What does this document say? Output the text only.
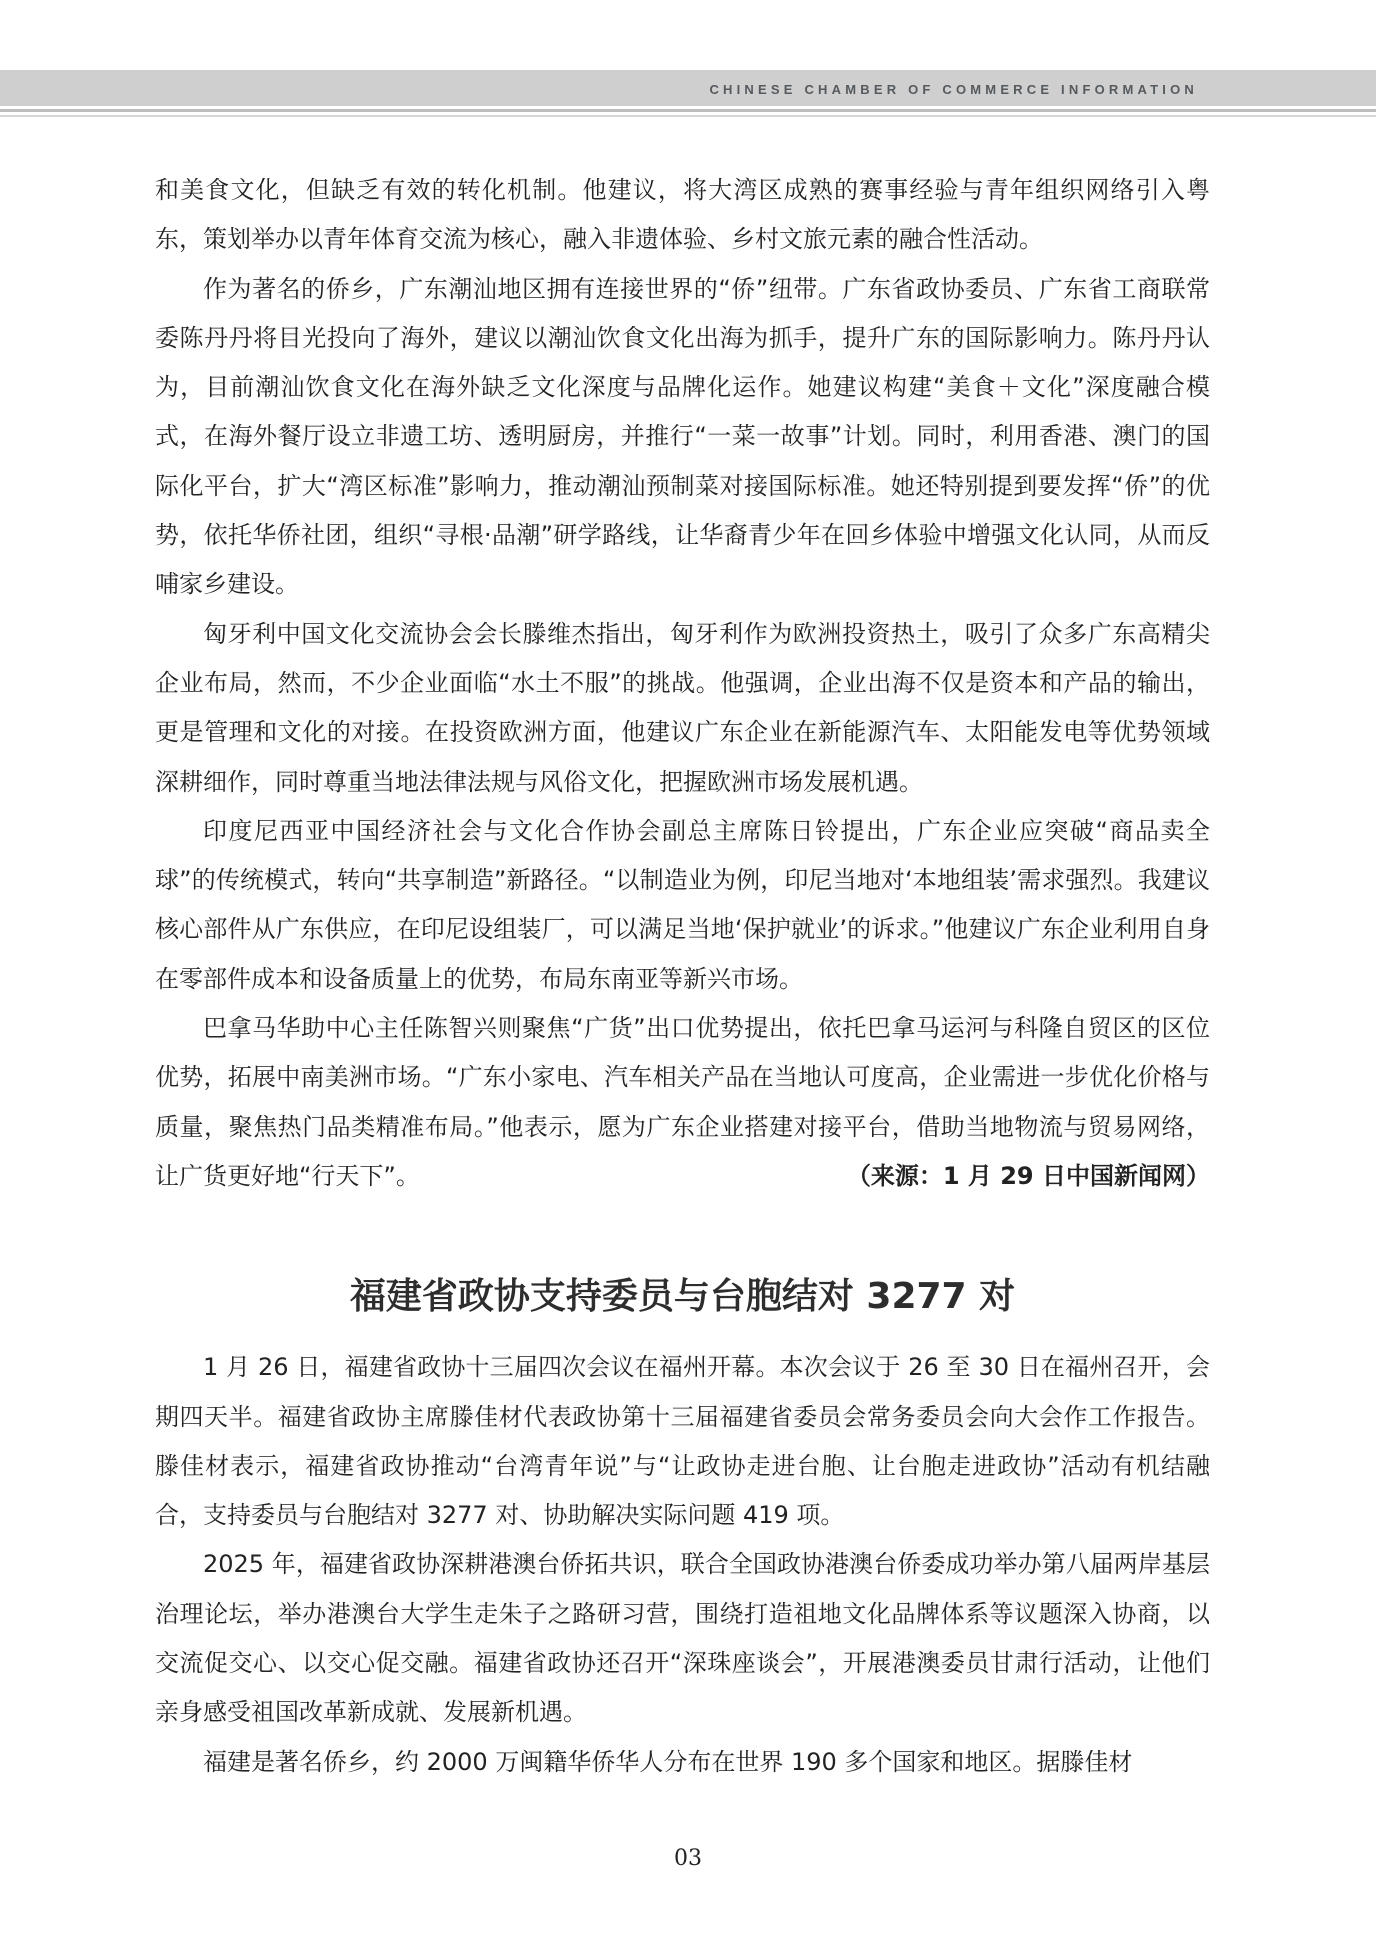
CHINESE CHAMBER OF COMMERCE INFORMATION

和美食文化，但缺乏有效的转化机制。他建议，将大湾区成熟的赛事经验与青年组织网络引入粤东，策划举办以青年体育交流为核心，融入非遗体验、乡村文旅元素的融合性活动。

作为著名的侨乡，广东潮汕地区拥有连接世界的“侨”纽带。广东省政协委员、广东省工商联常委陈丹丹将目光投向了海外，建议以潮汕饮食文化出海为抓手，提升广东的国际影响力。陈丹丹认为，目前潮汕饮食文化在海外缺乏文化深度与品牌化运作。她建议构建“美食＋文化”深度融合模式，在海外餐厅设立非遗工坊、透明厨房，并推行“一菜一故事”计划。同时，利用香港、澳门的国际化平台，扩大“湾区标准”影响力，推动潮汕预制菜对接国际标准。她还特别提到要发挥“侨”的优势，依托华侨社团，组织“寻根·品潮”研学路线，让华裔青少年在回乡体验中增强文化认同，从而反哺家乡建设。

匈牙利中国文化交流协会会长滕维杰指出，匈牙利作为欧洲投资热土，吸引了众多广东高精尖企业布局，然而，不少企业面临“水土不服”的挑战。他强调，企业出海不仅是资本和产品的输出，更是管理和文化的对接。在投资欧洲方面，他建议广东企业在新能源汽车、太阳能发电等优势领域深耕细作，同时尊重当地法律法规与风俗文化，把握欧洲市场发展机遇。

印度尼西亚中国经济社会与文化合作协会副总主席陈日铃提出，广东企业应突破“商品卖全球”的传统模式，转向“共享制造”新路径。“以制造业为例，印尼当地对‘本地组装’需求强烈。我建议核心部件从广东供应，在印尼设组装厂，可以满足当地‘保护就业’的诉求。”他建议广东企业利用自身在零部件成本和设备质量上的优势，布局东南亚等新兴市场。

巴拿马华助中心主任陈智兴则聚焦“广货”出口优势提出，依托巴拿马运河与科隆自贸区的区位优势，拓展中南美洲市场。“广东小家电、汽车相关产品在当地认可度高，企业需进一步优化价格与质量，聚焦热门品类精准布局。”他表示，愿为广东企业搭建对接平台，借助当地物流与贸易网络，让广货更好地“行天下”。	（来源：1 月 29 日中国新闻网）
福建省政协支持委员与台胞结对 3277 对

1 月 26 日，福建省政协十三届四次会议在福州开幕。本次会议于 26 至 30 日在福州召开，会期四天半。福建省政协主席滕佳材代表政协第十三届福建省委员会常务委员会向大会作工作报告。滕佳材表示，福建省政协推动“台湾青年说”与“让政协走进台胞、让台胞走进政协”活动有机结融合，支持委员与台胞结对 3277 对、协助解决实际问题 419 项。

2025 年，福建省政协深耕港澳台侨拓共识，联合全国政协港澳台侨委成功举办第八届两岸基层治理论坛，举办港澳台大学生走朱子之路研习营，围绕打造祖地文化品牌体系等议题深入协商，以交流促交心、以交心促交融。福建省政协还召开“深珠座谈会”，开展港澳委员甘肃行活动，让他们亲身感受祖国改革新成就、发展新机遇。

福建是著名侨乡，约 2000 万闽籍华侨华人分布在世界 190 多个国家和地区。据滕佳材

03
